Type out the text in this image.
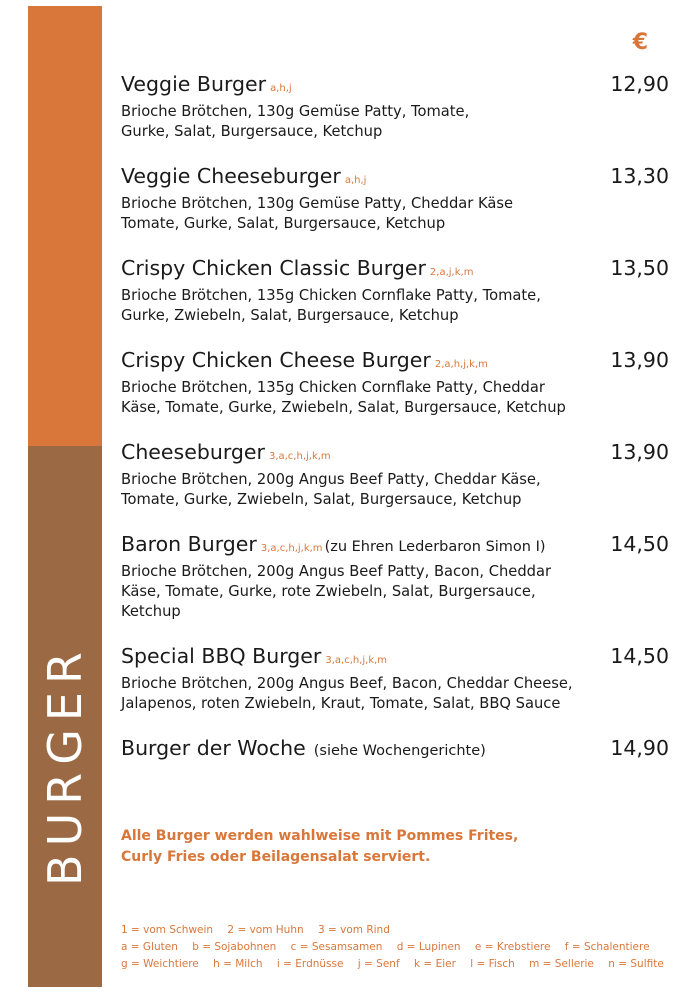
BURGER
€
Veggie Burger a,h,j
Brioche Brötchen, 130g Gemüse Patty, Tomate,
Gurke, Salat, Burgersauce, Ketchup
12,90
Veggie Cheeseburger a,h,j
Brioche Brötchen, 130g Gemüse Patty, Cheddar Käse
Tomate, Gurke, Salat, Burgersauce, Ketchup
13,30
Crispy Chicken Classic Burger 2,a,j,k,m
Brioche Brötchen, 135g Chicken Cornflake Patty, Tomate,
Gurke, Zwiebeln, Salat, Burgersauce, Ketchup
13,50
Crispy Chicken Cheese Burger 2,a,h,j,k,m
Brioche Brötchen, 135g Chicken Cornflake Patty, Cheddar
Käse, Tomate, Gurke, Zwiebeln, Salat, Burgersauce, Ketchup
13,90
Cheeseburger 3,a,c,h,j,k,m
Brioche Brötchen, 200g Angus Beef Patty, Cheddar Käse,
Tomate, Gurke, Zwiebeln, Salat, Burgersauce, Ketchup
13,90
Baron Burger 3,a,c,h,j,k,m (zu Ehren Lederbaron Simon I)
Brioche Brötchen, 200g Angus Beef Patty, Bacon, Cheddar
Käse, Tomate, Gurke, rote Zwiebeln, Salat, Burgersauce,
Ketchup
14,50
Special BBQ Burger 3,a,c,h,j,k,m
Brioche Brötchen, 200g Angus Beef, Bacon, Cheddar Cheese,
Jalapenos, roten Zwiebeln, Kraut, Tomate, Salat, BBQ Sauce
14,50
Burger der Woche (siehe Wochengerichte)	14,90
Alle Burger werden wahlweise mit Pommes Frites,
Curly Fries oder Beilagensalat serviert.
1 = vom Schwein 2 = vom Huhn 3 = vom Rind
a = Gluten b = Sojabohnen c = Sesamsamen d = Lupinen e = Krebstiere f = Schalentiere
g = Weichtiere h = Milch i = Erdnüsse j = Senf k = Eier l = Fisch m = Sellerie n = Sulfite
